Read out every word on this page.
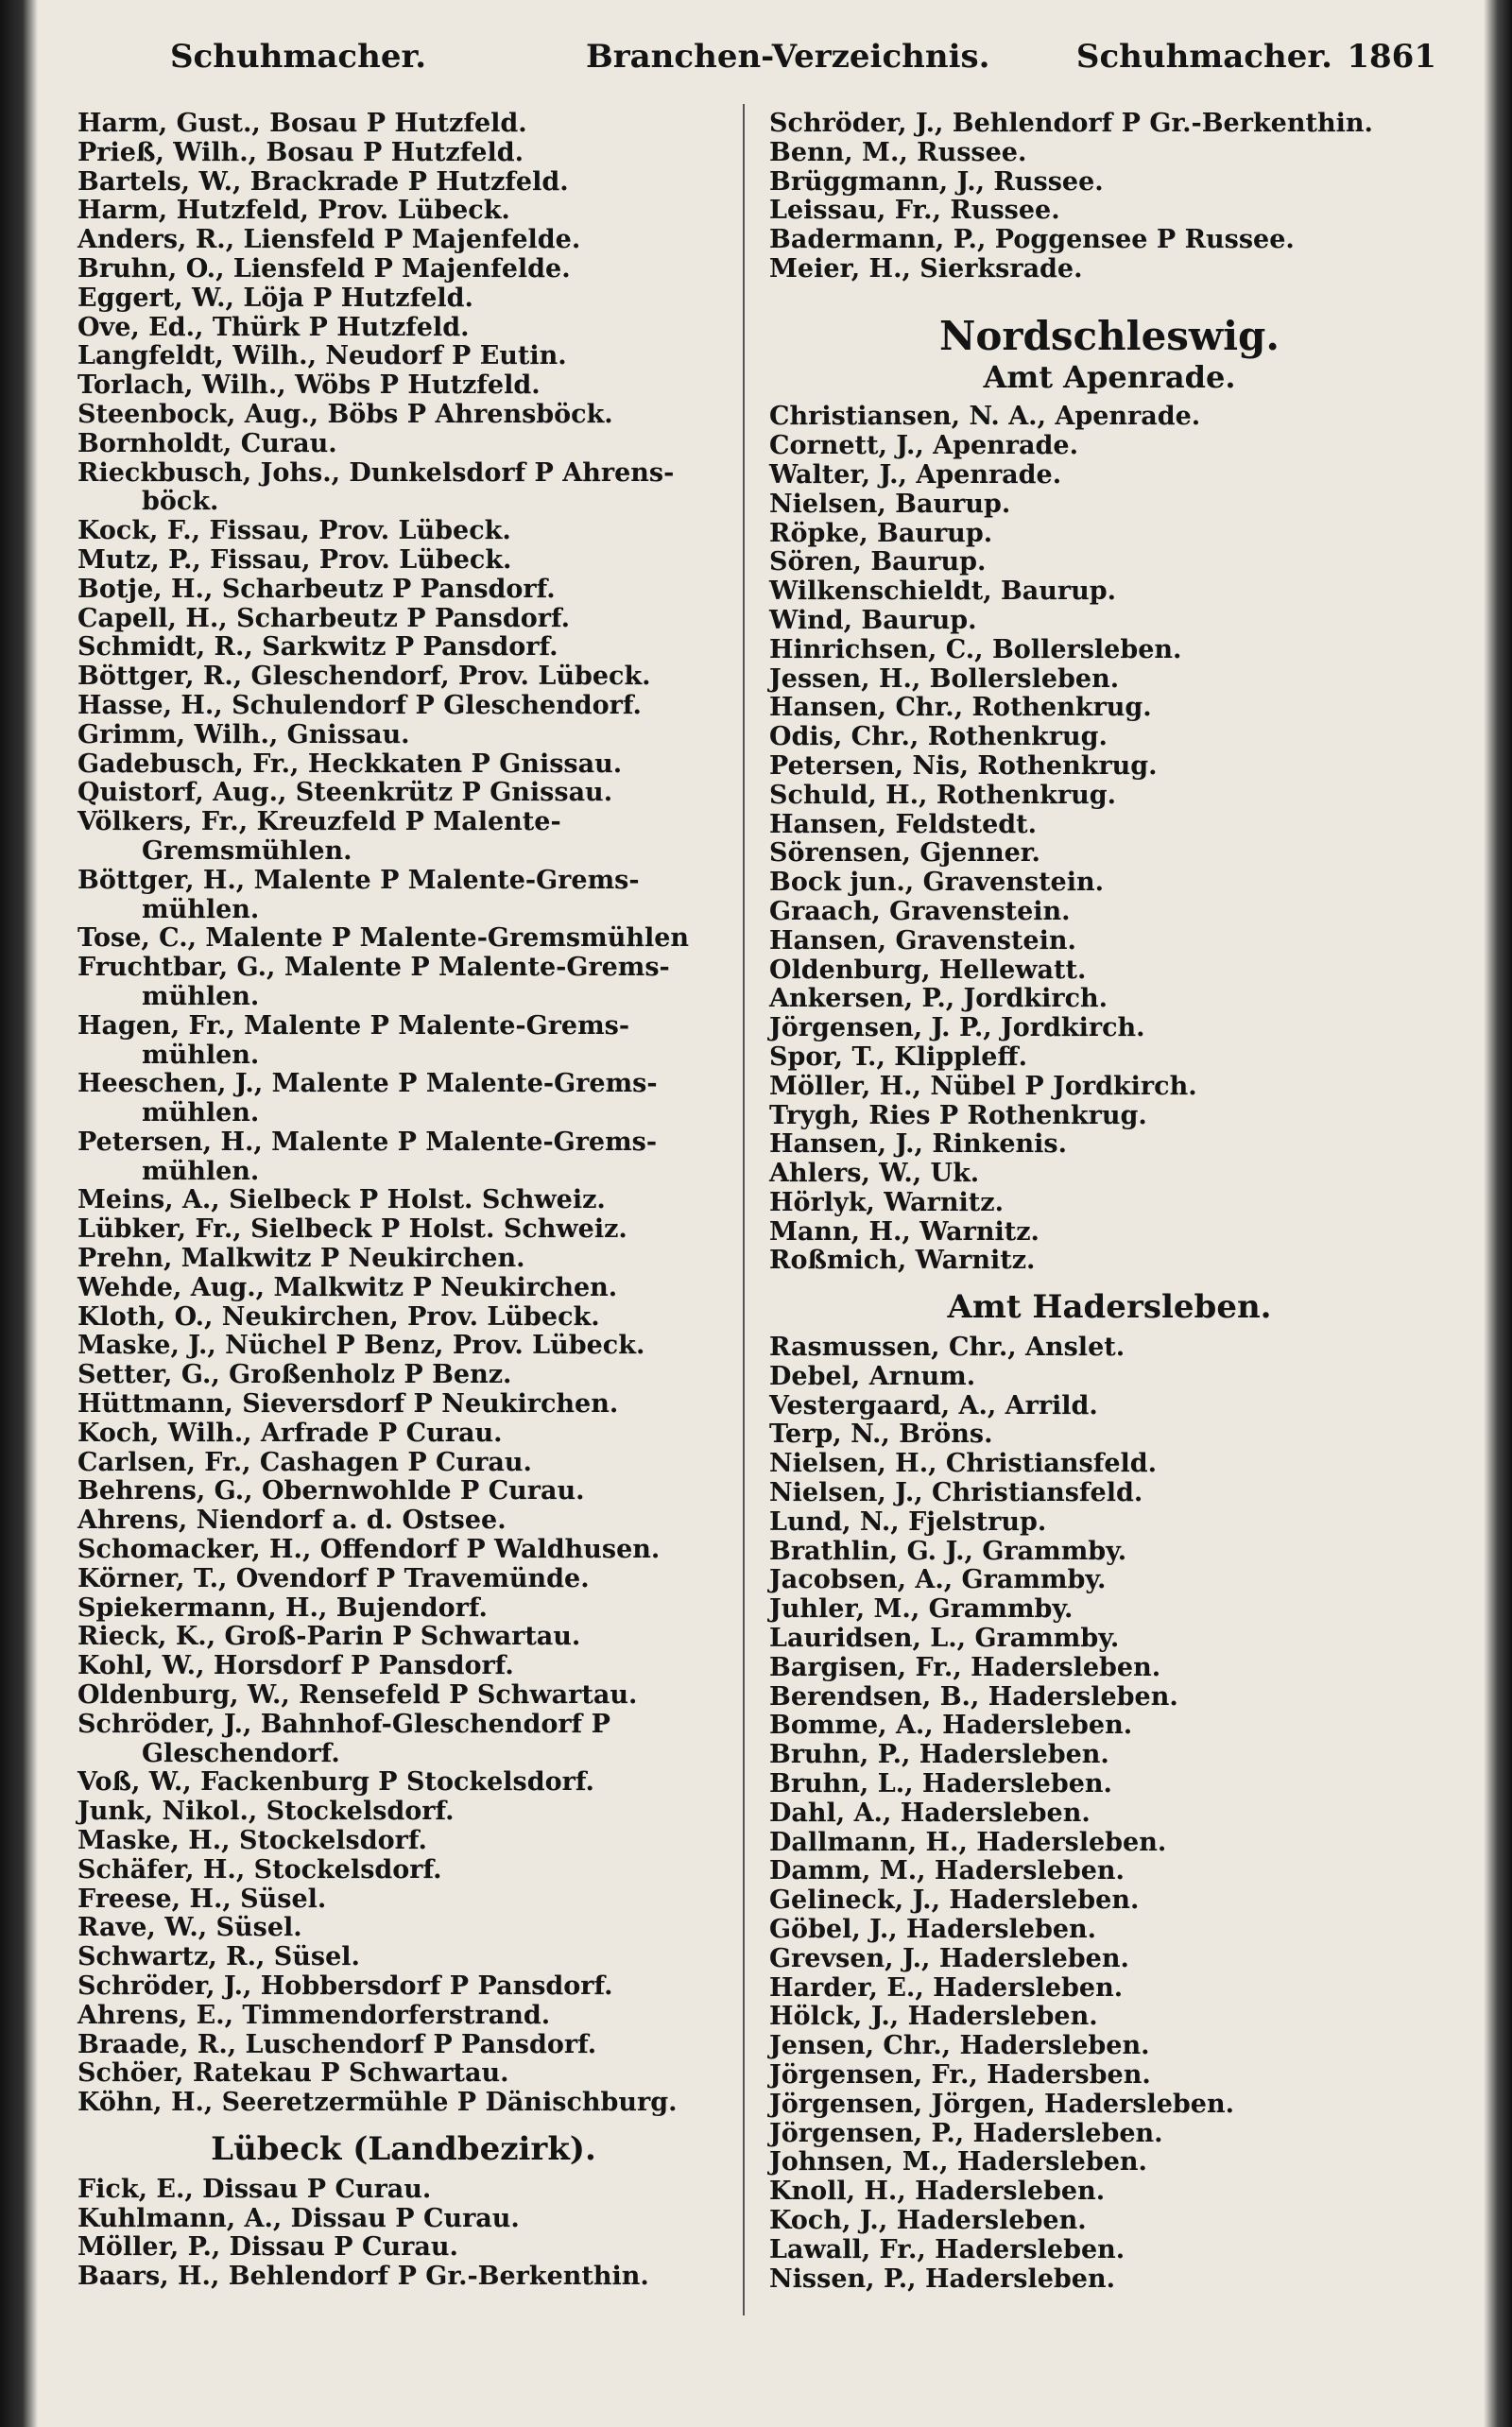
Schuhmacher.	Branchen-Verzeichnis.	Schuhmacher. 1861
Harm, Gust., Bosau P Hutzfeld.
Prieß, Wilh., Bosau P Hutzfeld.
Bartels, W., Brackrade P Hutzfeld.
Harm, Hutzfeld, Prov. Lübeck.
Anders, R., Liensfeld P Majenfelde.
Bruhn, O., Liensfeld P Majenfelde.
Eggert, W., Löja P Hutzfeld.
Ove, Ed., Thürk P Hutzfeld.
Langfeldt, Wilh., Neudorf P Eutin.
Torlach, Wilh., Wöbs P Hutzfeld.
Steenbock, Aug., Böbs P Ahrensböck.
Bornholdt, Curau.
Rieckbusch, Johs., Dunkelsdorf P Ahrens-
böck.
Kock, F., Fissau, Prov. Lübeck.
Mutz, P., Fissau, Prov. Lübeck.
Botje, H., Scharbeutz P Pansdorf.
Capell, H., Scharbeutz P Pansdorf.
Schmidt, R., Sarkwitz P Pansdorf.
Böttger, R., Gleschendorf, Prov. Lübeck.
Hasse, H., Schulendorf P Gleschendorf.
Grimm, Wilh., Gnissau.
Gadebusch, Fr., Heckkaten P Gnissau.
Quistorf, Aug., Steenkrütz P Gnissau.
Völkers, Fr., Kreuzfeld P Malente-
Gremsmühlen.
Böttger, H., Malente P Malente-Grems-
mühlen.
Tose, C., Malente P Malente-Gremsmühlen
Fruchtbar, G., Malente P Malente-Grems-
mühlen.
Hagen, Fr., Malente P Malente-Grems-
mühlen.
Heeschen, J., Malente P Malente-Grems-
mühlen.
Petersen, H., Malente P Malente-Grems-
mühlen.
Meins, A., Sielbeck P Holst. Schweiz.
Lübker, Fr., Sielbeck P Holst. Schweiz.
Prehn, Malkwitz P Neukirchen.
Wehde, Aug., Malkwitz P Neukirchen.
Kloth, O., Neukirchen, Prov. Lübeck.
Maske, J., Nüchel P Benz, Prov. Lübeck.
Setter, G., Großenholz P Benz.
Hüttmann, Sieversdorf P Neukirchen.
Koch, Wilh., Arfrade P Curau.
Carlsen, Fr., Cashagen P Curau.
Behrens, G., Obernwohlde P Curau.
Ahrens, Niendorf a. d. Ostsee.
Schomacker, H., Offendorf P Waldhusen.
Körner, T., Ovendorf P Travemünde.
Spiekermann, H., Bujendorf.
Rieck, K., Groß-Parin P Schwartau.
Kohl, W., Horsdorf P Pansdorf.
Oldenburg, W., Rensefeld P Schwartau.
Schröder, J., Bahnhof-Gleschendorf P
Gleschendorf.
Voß, W., Fackenburg P Stockelsdorf.
Junk, Nikol., Stockelsdorf.
Maske, H., Stockelsdorf.
Schäfer, H., Stockelsdorf.
Freese, H., Süsel.
Rave, W., Süsel.
Schwartz, R., Süsel.
Schröder, J., Hobbersdorf P Pansdorf.
Ahrens, E., Timmendorferstrand.
Braade, R., Luschendorf P Pansdorf.
Schöer, Ratekau P Schwartau.
Köhn, H., Seeretzermühle P Dänischburg.
Lübeck (Landbezirk).
Fick, E., Dissau P Curau.
Kuhlmann, A., Dissau P Curau.
Möller, P., Dissau P Curau.
Baars, H., Behlendorf P Gr.-Berkenthin.
Schröder, J., Behlendorf P Gr.-Berkenthin.
Benn, M., Russee.
Brüggmann, J., Russee.
Leissau, Fr., Russee.
Badermann, P., Poggensee P Russee.
Meier, H., Sierksrade.
Nordschleswig.
Amt Apenrade.
Christiansen, N. A., Apenrade.
Cornett, J., Apenrade.
Walter, J., Apenrade.
Nielsen, Baurup.
Röpke, Baurup.
Sören, Baurup.
Wilkenschieldt, Baurup.
Wind, Baurup.
Hinrichsen, C., Bollersleben.
Jessen, H., Bollersleben.
Hansen, Chr., Rothenkrug.
Odis, Chr., Rothenkrug.
Petersen, Nis, Rothenkrug.
Schuld, H., Rothenkrug.
Hansen, Feldstedt.
Sörensen, Gjenner.
Bock jun., Gravenstein.
Graach, Gravenstein.
Hansen, Gravenstein.
Oldenburg, Hellewatt.
Ankersen, P., Jordkirch.
Jörgensen, J. P., Jordkirch.
Spor, T., Klippleff.
Möller, H., Nübel P Jordkirch.
Trygh, Ries P Rothenkrug.
Hansen, J., Rinkenis.
Ahlers, W., Uk.
Hörlyk, Warnitz.
Mann, H., Warnitz.
Roßmich, Warnitz.
Amt Hadersleben.
Rasmussen, Chr., Anslet.
Debel, Arnum.
Vestergaard, A., Arrild.
Terp, N., Bröns.
Nielsen, H., Christiansfeld.
Nielsen, J., Christiansfeld.
Lund, N., Fjelstrup.
Brathlin, G. J., Grammby.
Jacobsen, A., Grammby.
Juhler, M., Grammby.
Lauridsen, L., Grammby.
Bargisen, Fr., Hadersleben.
Berendsen, B., Hadersleben.
Bomme, A., Hadersleben.
Bruhn, P., Hadersleben.
Bruhn, L., Hadersleben.
Dahl, A., Hadersleben.
Dallmann, H., Hadersleben.
Damm, M., Hadersleben.
Gelineck, J., Hadersleben.
Göbel, J., Hadersleben.
Grevsen, J., Hadersleben.
Harder, E., Hadersleben.
Hölck, J., Hadersleben.
Jensen, Chr., Hadersleben.
Jörgensen, Fr., Hadersben.
Jörgensen, Jörgen, Hadersleben.
Jörgensen, P., Hadersleben.
Johnsen, M., Hadersleben.
Knoll, H., Hadersleben.
Koch, J., Hadersleben.
Lawall, Fr., Hadersleben.
Nissen, P., Hadersleben.
